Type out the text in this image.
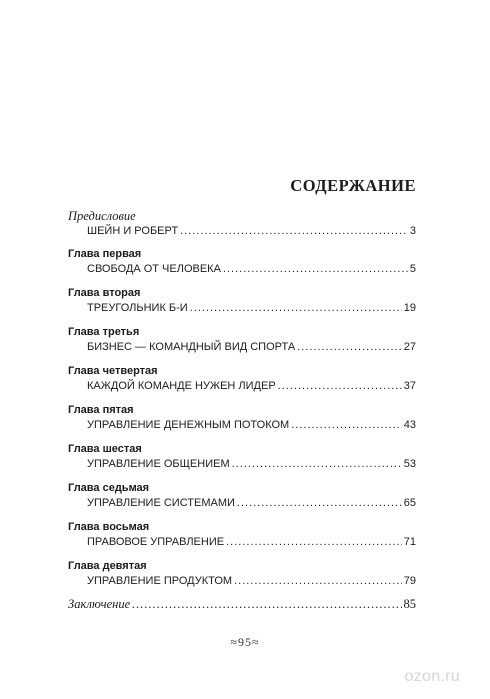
СОДЕРЖАНИЕ
Предисловие
ШЕЙН И РОБЕРТ .....	3
Глава первая
СВОБОДА ОТ ЧЕЛОВЕКА .....	5
Глава вторая
ТРЕУГОЛЬНИК Б-И .....	19
Глава третья
БИЗНЕС — КОМАНДНЫЙ ВИД СПОРТА .....	27
Глава четвертая
КАЖДОЙ КОМАНДЕ НУЖЕН ЛИДЕР .....	37
Глава пятая
УПРАВЛЕНИЕ ДЕНЕЖНЫМ ПОТОКОМ .....	43
Глава шестая
УПРАВЛЕНИЕ ОБЩЕНИЕМ .....	53
Глава седьмая
УПРАВЛЕНИЕ СИСТЕМАМИ .....	65
Глава восьмая
ПРАВОВОЕ УПРАВЛЕНИЕ .....	71
Глава девятая
УПРАВЛЕНИЕ ПРОДУКТОМ .....	79
Заключение .....	85
≈95≈
ozon.ru
